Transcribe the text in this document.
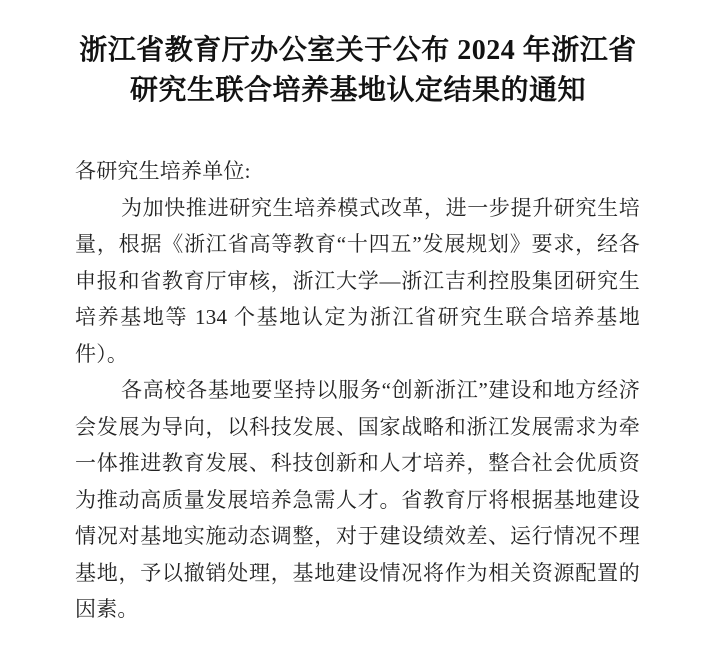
浙江省教育厅办公室关于公布 2024 年浙江省
研究生联合培养基地认定结果的通知
各研究生培养单位:
为加快推进研究生培养模式改革，进一步提升研究生培
量，根据《浙江省高等教育“十四五”发展规划》要求，经各
申报和省教育厅审核，浙江大学—浙江吉利控股集团研究生
培养基地等 134 个基地认定为浙江省研究生联合培养基地
件）。
各高校各基地要坚持以服务“创新浙江”建设和地方经济
会发展为导向，以科技发展、国家战略和浙江发展需求为牵
一体推进教育发展、科技创新和人才培养，整合社会优质资
为推动高质量发展培养急需人才。省教育厅将根据基地建设
情况对基地实施动态调整，对于建设绩效差、运行情况不理
基地，予以撤销处理，基地建设情况将作为相关资源配置的
因素。
